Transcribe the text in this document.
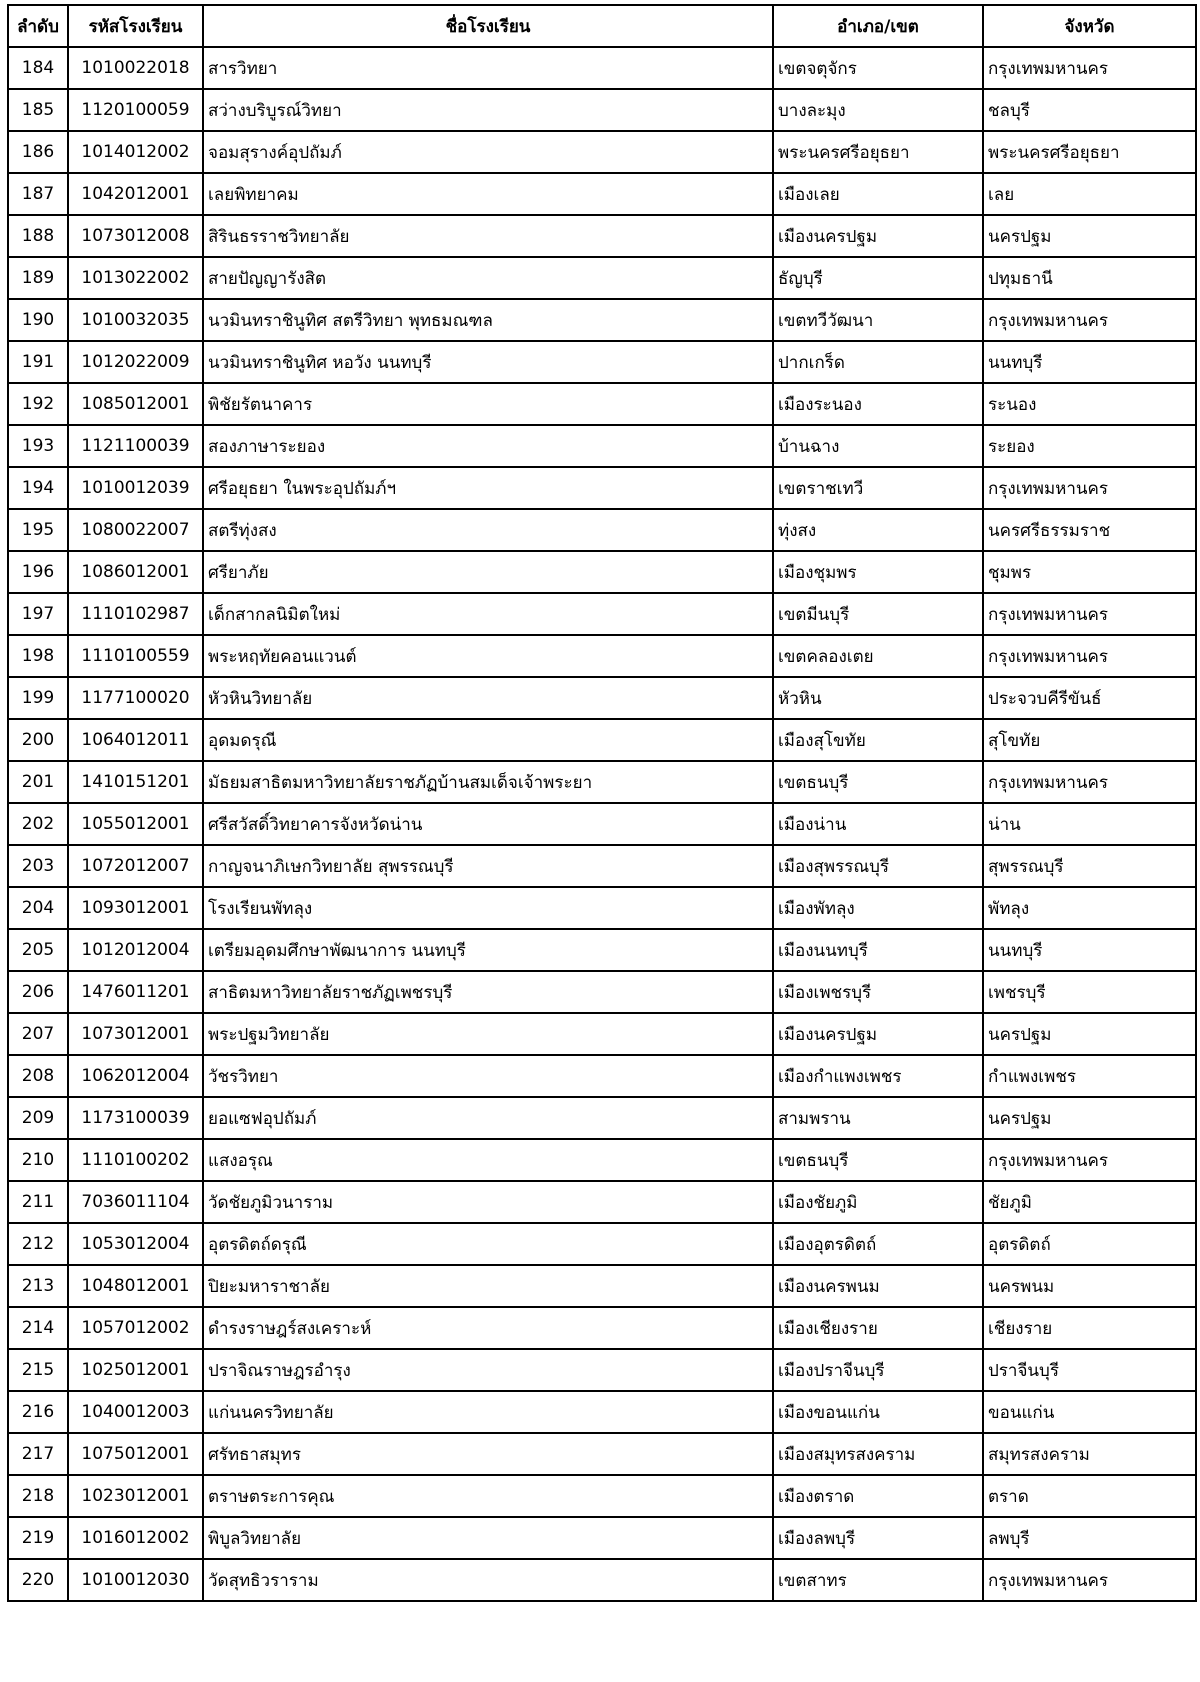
ลำดับ	รหัสโรงเรียน	ชื่อโรงเรียน	อำเภอ/เขต	จังหวัด
184	1010022018	สารวิทยา	เขตจตุจักร	กรุงเทพมหานคร
185	1120100059	สว่างบริบูรณ์วิทยา	บางละมุง	ชลบุรี
186	1014012002	จอมสุรางค์อุปถัมภ์	พระนครศรีอยุธยา	พระนครศรีอยุธยา
187	1042012001	เลยพิทยาคม	เมืองเลย	เลย
188	1073012008	สิรินธรราชวิทยาลัย	เมืองนครปฐม	นครปฐม
189	1013022002	สายปัญญารังสิต	ธัญบุรี	ปทุมธานี
190	1010032035	นวมินทราชินูทิศ สตรีวิทยา พุทธมณฑล	เขตทวีวัฒนา	กรุงเทพมหานคร
191	1012022009	นวมินทราชินูทิศ หอวัง นนทบุรี	ปากเกร็ด	นนทบุรี
192	1085012001	พิชัยรัตนาคาร	เมืองระนอง	ระนอง
193	1121100039	สองภาษาระยอง	บ้านฉาง	ระยอง
194	1010012039	ศรีอยุธยา ในพระอุปถัมภ์ฯ	เขตราชเทวี	กรุงเทพมหานคร
195	1080022007	สตรีทุ่งสง	ทุ่งสง	นครศรีธรรมราช
196	1086012001	ศรียาภัย	เมืองชุมพร	ชุมพร
197	1110102987	เด็กสากลนิมิตใหม่	เขตมีนบุรี	กรุงเทพมหานคร
198	1110100559	พระหฤทัยคอนแวนต์	เขตคลองเตย	กรุงเทพมหานคร
199	1177100020	หัวหินวิทยาลัย	หัวหิน	ประจวบคีรีขันธ์
200	1064012011	อุดมดรุณี	เมืองสุโขทัย	สุโขทัย
201	1410151201	มัธยมสาธิตมหาวิทยาลัยราชภัฏบ้านสมเด็จเจ้าพระยา	เขตธนบุรี	กรุงเทพมหานคร
202	1055012001	ศรีสวัสดิ์วิทยาคารจังหวัดน่าน	เมืองน่าน	น่าน
203	1072012007	กาญจนาภิเษกวิทยาลัย สุพรรณบุรี	เมืองสุพรรณบุรี	สุพรรณบุรี
204	1093012001	โรงเรียนพัทลุง	เมืองพัทลุง	พัทลุง
205	1012012004	เตรียมอุดมศึกษาพัฒนาการ นนทบุรี	เมืองนนทบุรี	นนทบุรี
206	1476011201	สาธิตมหาวิทยาลัยราชภัฏเพชรบุรี	เมืองเพชรบุรี	เพชรบุรี
207	1073012001	พระปฐมวิทยาลัย	เมืองนครปฐม	นครปฐม
208	1062012004	วัชรวิทยา	เมืองกำแพงเพชร	กำแพงเพชร
209	1173100039	ยอแซฟอุปถัมภ์	สามพราน	นครปฐม
210	1110100202	แสงอรุณ	เขตธนบุรี	กรุงเทพมหานคร
211	7036011104	วัดชัยภูมิวนาราม	เมืองชัยภูมิ	ชัยภูมิ
212	1053012004	อุตรดิตถ์ดรุณี	เมืองอุตรดิตถ์	อุตรดิตถ์
213	1048012001	ปิยะมหาราชาลัย	เมืองนครพนม	นครพนม
214	1057012002	ดำรงราษฎร์สงเคราะห์	เมืองเชียงราย	เชียงราย
215	1025012001	ปราจิณราษฎรอำรุง	เมืองปราจีนบุรี	ปราจีนบุรี
216	1040012003	แก่นนครวิทยาลัย	เมืองขอนแก่น	ขอนแก่น
217	1075012001	ศรัทธาสมุทร	เมืองสมุทรสงคราม	สมุทรสงคราม
218	1023012001	ตราษตระการคุณ	เมืองตราด	ตราด
219	1016012002	พิบูลวิทยาลัย	เมืองลพบุรี	ลพบุรี
220	1010012030	วัดสุทธิวราราม	เขตสาทร	กรุงเทพมหานคร
